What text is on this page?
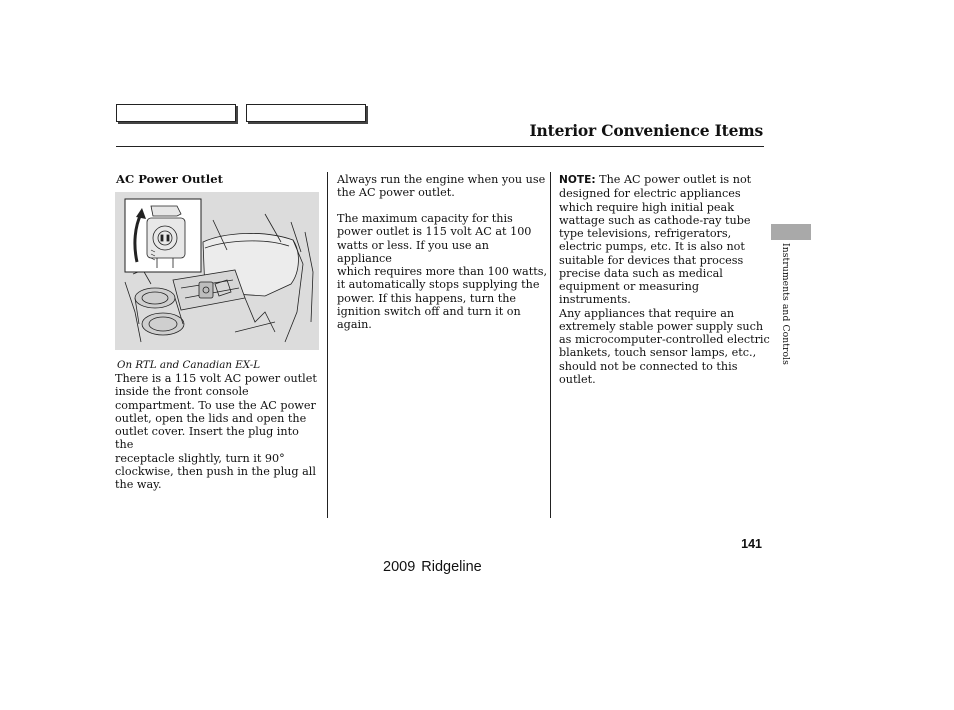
Interior Convenience Items
AC Power Outlet
On RTL and Canadian EX-L
There is a 115 volt AC power outlet
inside the front console
compartment. To use the AC power
outlet, open the lids and open the
outlet cover. Insert the plug into the
receptacle slightly, turn it 90°
clockwise, then push in the plug all
the way.
Always run the engine when you use
the AC power outlet.
The maximum capacity for this
power outlet is 115 volt AC at 100
watts or less. If you use an appliance
which requires more than 100 watts,
it automatically stops supplying the
power. If this happens, turn the
ignition switch off and turn it on
again.
NOTE: The AC power outlet is not
designed for electric appliances
which require high initial peak
wattage such as cathode-ray tube
type televisions, refrigerators,
electric pumps, etc. It is also not
suitable for devices that process
precise data such as medical
equipment or measuring instruments.
Any appliances that require an
extremely stable power supply such
as microcomputer-controlled electric
blankets, touch sensor lamps, etc.,
should not be connected to this
outlet.
Instruments and Controls
141
2009 Ridgeline
